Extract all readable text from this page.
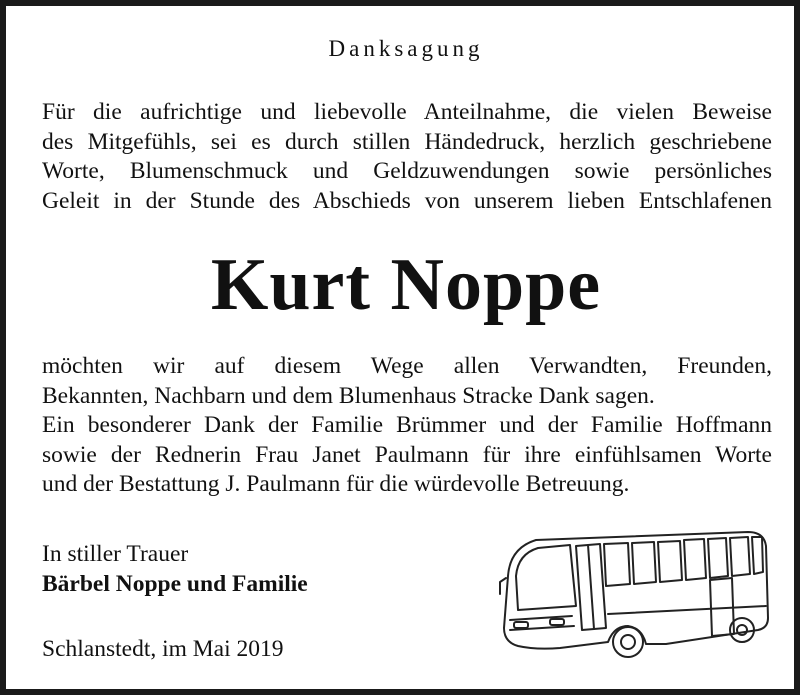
Danksagung
Für die aufrichtige und liebevolle Anteilnahme, die vielen Beweise
des Mitgefühls, sei es durch stillen Händedruck, herzlich geschriebene
Worte, Blumenschmuck und Geldzuwendungen sowie persönliches
Geleit in der Stunde des Abschieds von unserem lieben Entschlafenen
Kurt Noppe
möchten wir auf diesem Wege allen Verwandten, Freunden,
Bekannten, Nachbarn und dem Blumenhaus Stracke Dank sagen.
Ein besonderer Dank der Familie Brümmer und der Familie Hoffmann
sowie der Rednerin Frau Janet Paulmann für ihre einfühlsamen Worte
und der Bestattung J. Paulmann für die würdevolle Betreuung.
In stiller Trauer
Bärbel Noppe und Familie
Schlanstedt, im Mai 2019
